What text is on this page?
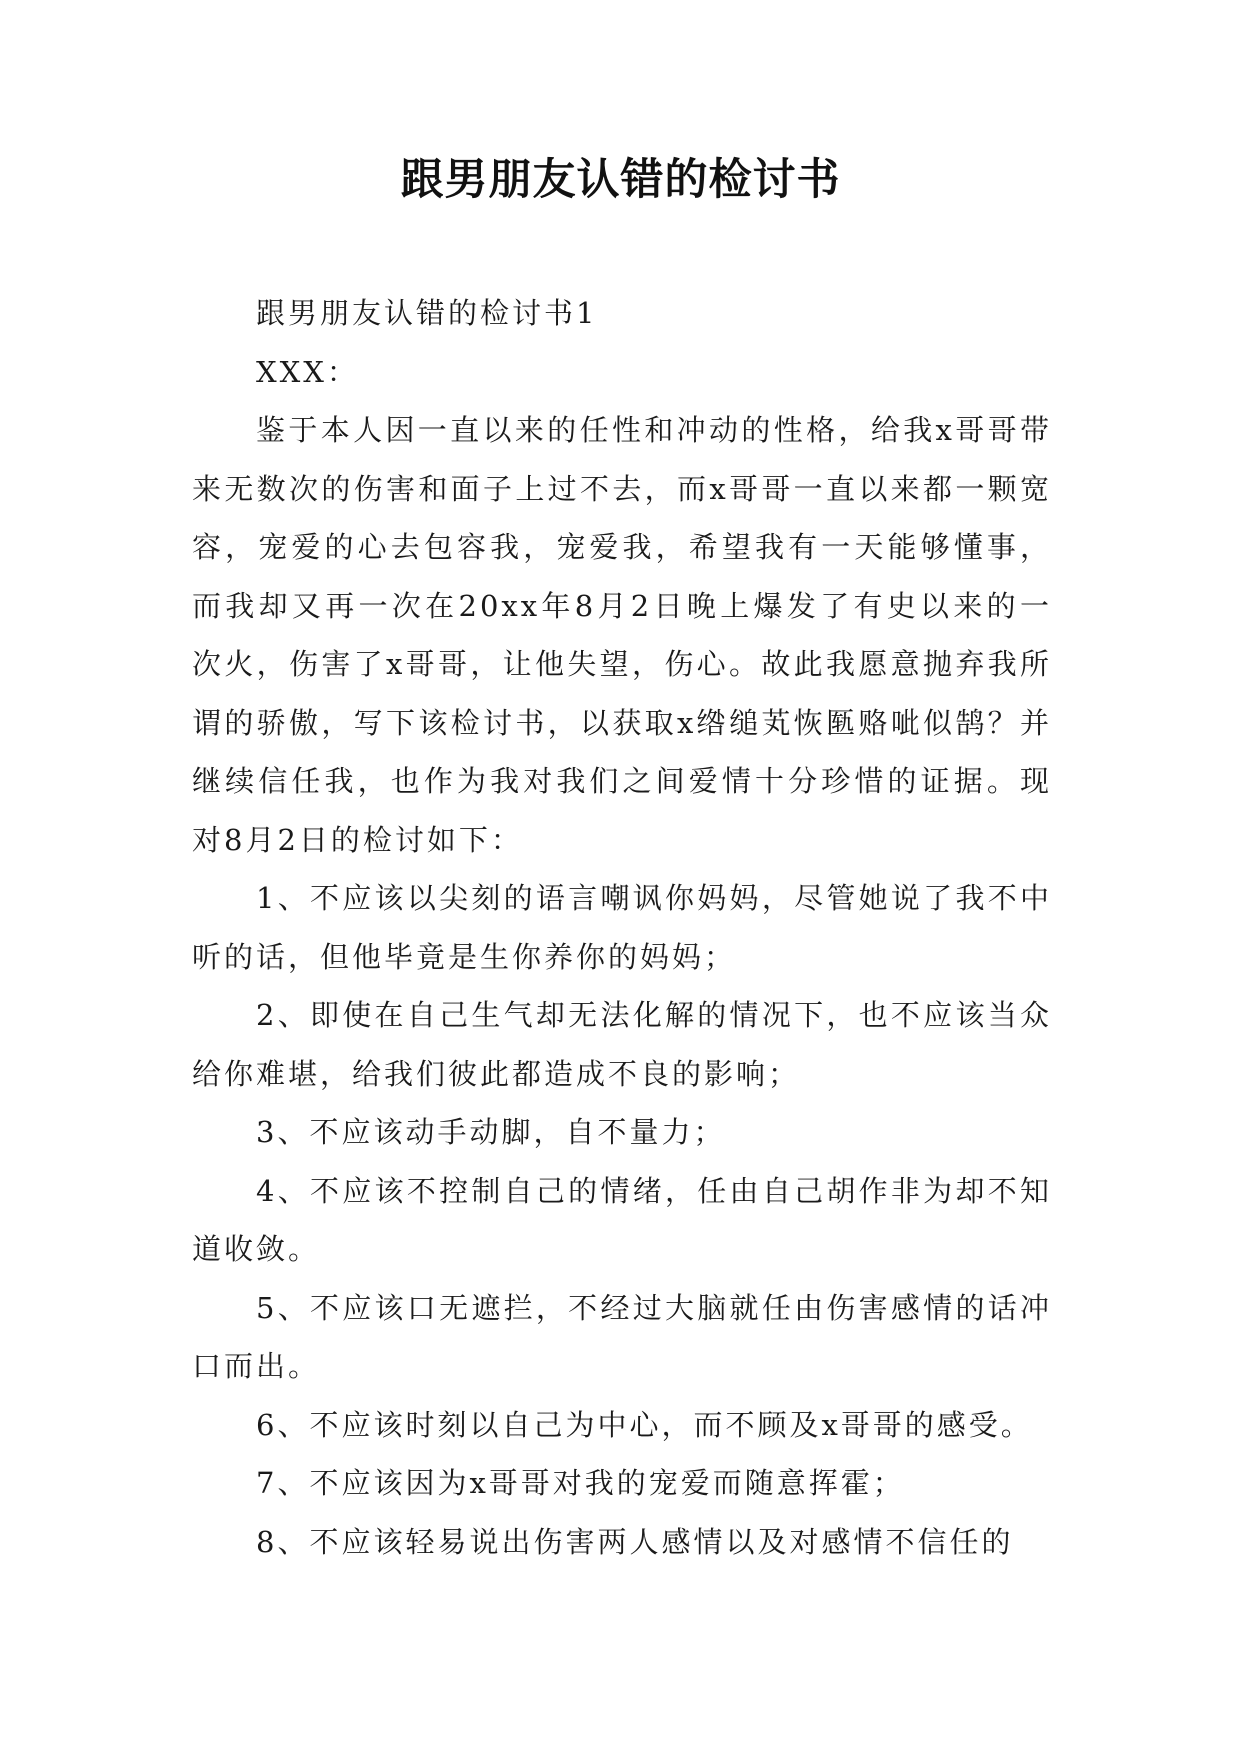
跟男朋友认错的检讨书

跟男朋友认错的检讨书1

XXX：

鉴于本人因一直以来的任性和冲动的性格，给我x哥哥带来无数次的伤害和面子上过不去，而x哥哥一直以来都一颗宽容，宠爱的心去包容我，宠爱我，希望我有一天能够懂事，而我却又再一次在20xx年8月2日晚上爆发了有史以来的一次火，伤害了x哥哥，让他失望，伤心。故此我愿意抛弃我所谓的骄傲，写下该检讨书，以获取x绺缒芄恢匦赂呲似鹄？并继续信任我，也作为我对我们之间爱情十分珍惜的证据。现对8月2日的检讨如下：

1、不应该以尖刻的语言嘲讽你妈妈，尽管她说了我不中听的话，但他毕竟是生你养你的妈妈；

2、即使在自己生气却无法化解的情况下，也不应该当众给你难堪，给我们彼此都造成不良的影响；

3、不应该动手动脚，自不量力；

4、不应该不控制自己的情绪，任由自己胡作非为却不知道收敛。

5、不应该口无遮拦，不经过大脑就任由伤害感情的话冲口而出。

6、不应该时刻以自己为中心，而不顾及x哥哥的感受。

7、不应该因为x哥哥对我的宠爱而随意挥霍；

8、不应该轻易说出伤害两人感情以及对感情不信任的
